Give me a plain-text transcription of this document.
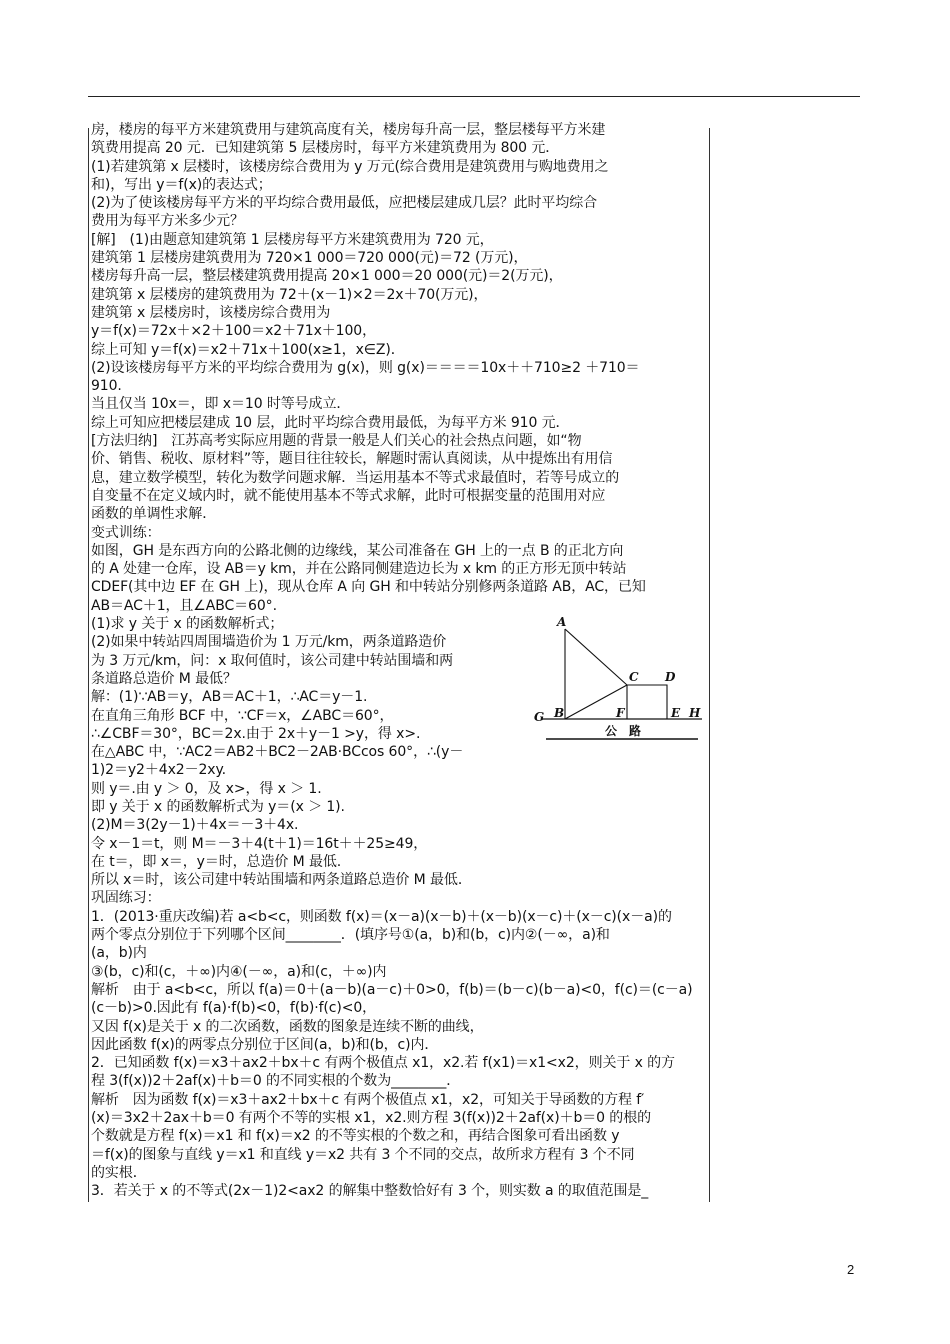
房，楼房的每平方米建筑费用与建筑高度有关，楼房每升高一层，整层楼每平方米建
筑费用提高 20 元．已知建筑第 5 层楼房时，每平方米建筑费用为 800 元．
(1)若建筑第 x 层楼时，该楼房综合费用为 y 万元(综合费用是建筑费用与购地费用之
和)，写出 y＝f(x)的表达式；
(2)为了使该楼房每平方米的平均综合费用最低，应把楼层建成几层？此时平均综合
费用为每平方米多少元？
[解]　(1)由题意知建筑第 1 层楼房每平方米建筑费用为 720 元，
建筑第 1 层楼房建筑费用为 720×1 000＝720 000(元)＝72 (万元)，
楼房每升高一层，整层楼建筑费用提高 20×1 000＝20 000(元)＝2(万元)，
建筑第 x 层楼房的建筑费用为 72＋(x－1)×2＝2x＋70(万元)，
建筑第 x 层楼房时，该楼房综合费用为
y＝f(x)＝72x＋×2＋100＝x2＋71x＋100，
综上可知 y＝f(x)＝x2＋71x＋100(x≥1，x∈Z)．
(2)设该楼房每平方米的平均综合费用为 g(x)，则 g(x)＝＝＝＝10x＋＋710≥2 ＋710＝
910.
当且仅当 10x＝，即 x＝10 时等号成立．
综上可知应把楼层建成 10 层，此时平均综合费用最低，为每平方米 910 元．
[方法归纳]　江苏高考实际应用题的背景一般是人们关心的社会热点问题，如“物
价、销售、税收、原材料”等，题目往往较长，解题时需认真阅读，从中提炼出有用信
息，建立数学模型，转化为数学问题求解．当运用基本不等式求最值时，若等号成立的
自变量不在定义域内时，就不能使用基本不等式求解，此时可根据变量的范围用对应
函数的单调性求解．
变式训练：
如图，GH 是东西方向的公路北侧的边缘线，某公司准备在 GH 上的一点 B 的正北方向
的 A 处建一仓库，设 AB＝y km，并在公路同侧建造边长为 x km 的正方形无顶中转站
CDEF(其中边 EF 在 GH 上)，现从仓库 A 向 GH 和中转站分别修两条道路 AB，AC，已知
AB＝AC＋1，且∠ABC＝60°.
(1)求 y 关于 x 的函数解析式；
(2)如果中转站四周围墙造价为 1 万元/km，两条道路造价
为 3 万元/km，问：x 取何值时，该公司建中转站围墙和两
条道路总造价 M 最低？
解：(1)∵AB＝y，AB＝AC＋1，∴AC＝y－1.
在直角三角形 BCF 中，∵CF＝x，∠ABC＝60°，
∴∠CBF＝30°，BC＝2x.由于 2x＋y－1 >y，得 x>.
在△ABC 中，∵AC2＝AB2＋BC2－2AB·BCcos 60°，∴(y－
1)2＝y2＋4x2－2xy.
则 y＝.由 y ＞ 0，及 x>，得 x ＞ 1.
即 y 关于 x 的函数解析式为 y＝(x ＞ 1).
(2)M＝3(2y－1)＋4x＝－3＋4x.
令 x－1＝t，则 M＝－3＋4(t＋1)＝16t＋＋25≥49，
在 t＝，即 x＝，y＝时，总造价 M 最低.
所以 x＝时，该公司建中转站围墙和两条道路总造价 M 最低．
巩固练习：
1．(2013·重庆改编)若 a<b<c，则函数 f(x)＝(x－a)(x－b)＋(x－b)(x－c)＋(x－c)(x－a)的
两个零点分别位于下列哪个区间________．(填序号①(a，b)和(b，c)内②(－∞，a)和
(a，b)内
③(b，c)和(c，＋∞)内④(－∞，a)和(c，＋∞)内
解析　由于 a<b<c，所以 f(a)＝0＋(a－b)(a－c)＋0>0，f(b)＝(b－c)(b－a)<0，f(c)＝(c－a)
(c－b)>0.因此有 f(a)·f(b)<0，f(b)·f(c)<0，
又因 f(x)是关于 x 的二次函数，函数的图象是连续不断的曲线，
因此函数 f(x)的两零点分别位于区间(a，b)和(b，c)内．
2．已知函数 f(x)＝x3＋ax2＋bx＋c 有两个极值点 x1，x2.若 f(x1)＝x1<x2，则关于 x 的方
程 3(f(x))2＋2af(x)＋b＝0 的不同实根的个数为________．
解析　因为函数 f(x)＝x3＋ax2＋bx＋c 有两个极值点 x1，x2，可知关于导函数的方程 f′
(x)＝3x2＋2ax＋b＝0 有两个不等的实根 x1，x2.则方程 3(f(x))2＋2af(x)＋b＝0 的根的
个数就是方程 f(x)＝x1 和 f(x)＝x2 的不等实根的个数之和，再结合图象可看出函数 y
＝f(x)的图象与直线 y＝x1 和直线 y＝x2 共有 3 个不同的交点，故所求方程有 3 个不同
的实根．
3．若关于 x 的不等式(2x－1)2<ax2 的解集中整数恰好有 3 个，则实数 a 的取值范围是_
A
B
G
C D
F	E H
公　路
2
